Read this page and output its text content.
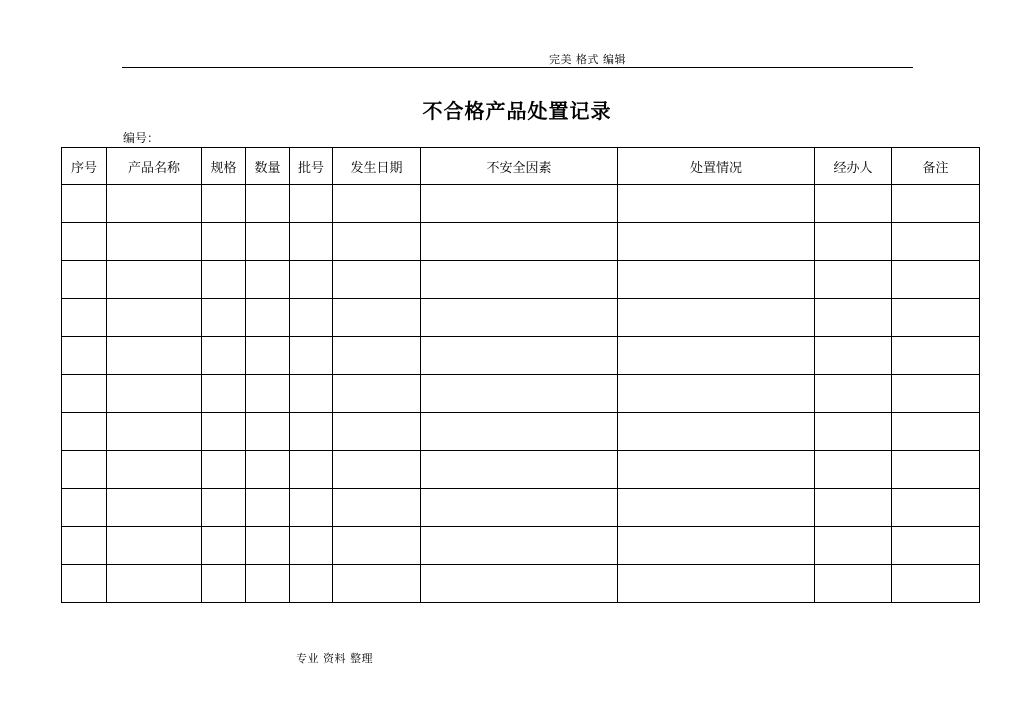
完美 格式 编辑
不合格产品处置记录
编号：
序号	产品名称	规格	数量	批号	发生日期	不安全因素	处置情况	经办人	备注

专业 资料 整理
